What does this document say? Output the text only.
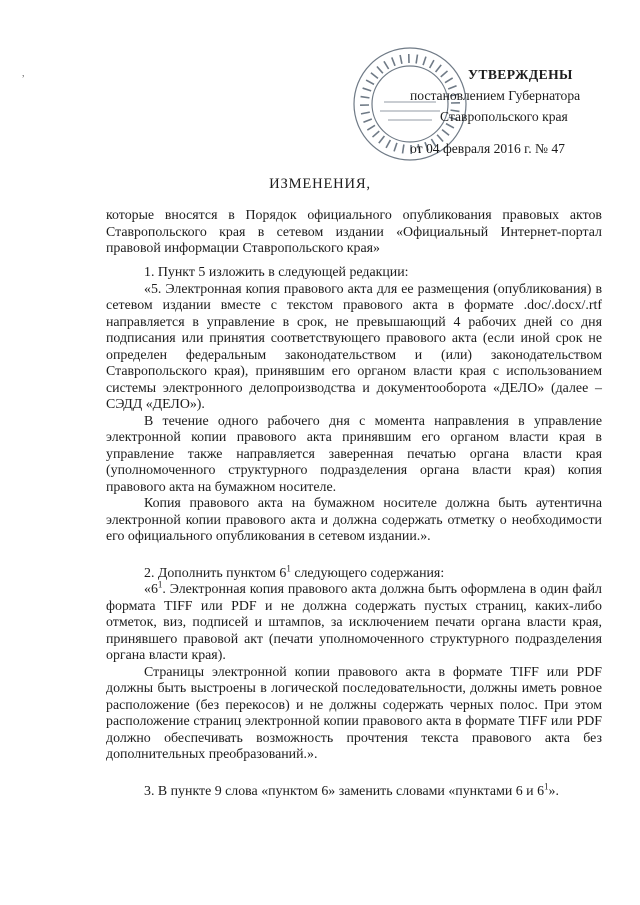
,	УТВЕРЖДЕНЫ
постановлением Губернатора
Ставропольского края
от 04 февраля 2016 г. № 47
ИЗМЕНЕНИЯ,
которые вносятся в Порядок официального опубликования правовых актов Ставропольского края в сетевом издании «Официальный Интернет-портал правовой информации Ставропольского края»

1. Пункт 5 изложить в следующей редакции:

«5. Электронная копия правового акта для ее размещения (опубликования) в сетевом издании вместе с текстом правового акта в формате .doc/.docx/.rtf направляется в управление в срок, не превышающий 4 рабочих дней со дня подписания или принятия соответствующего правового акта (если иной срок не определен федеральным законодательством и (или) законодательством Ставропольского края), принявшим его органом власти края с использованием системы электронного делопроизводства и документооборота «ДЕЛО» (далее – СЭДД «ДЕЛО»).

В течение одного рабочего дня с момента направления в управление электронной копии правового акта принявшим его органом власти края в управление также направляется заверенная печатью органа власти края (уполномоченного структурного подразделения органа власти края) копия правового акта на бумажном носителе.

Копия правового акта на бумажном носителе должна быть аутентична электронной копии правового акта и должна содержать отметку о необходимости его официального опубликования в сетевом издании.».

2. Дополнить пунктом $6^1$ следующего содержания:

«$6^1$. Электронная копия правового акта должна быть оформлена в один файл формата TIFF или PDF и не должна содержать пустых страниц, каких-либо отметок, виз, подписей и штампов, за исключением печати органа власти края, принявшего правовой акт (печати уполномоченного структурного подразделения органа власти края).

Страницы электронной копии правового акта в формате TIFF или PDF должны быть выстроены в логической последовательности, должны иметь ровное расположение (без перекосов) и не должны содержать черных полос. При этом расположение страниц электронной копии правового акта в формате TIFF или PDF должно обеспечивать возможность прочтения текста правового акта без дополнительных преобразований.».

3. В пункте 9 слова «пунктом 6» заменить словами «пунктами 6 и $6^1$».
